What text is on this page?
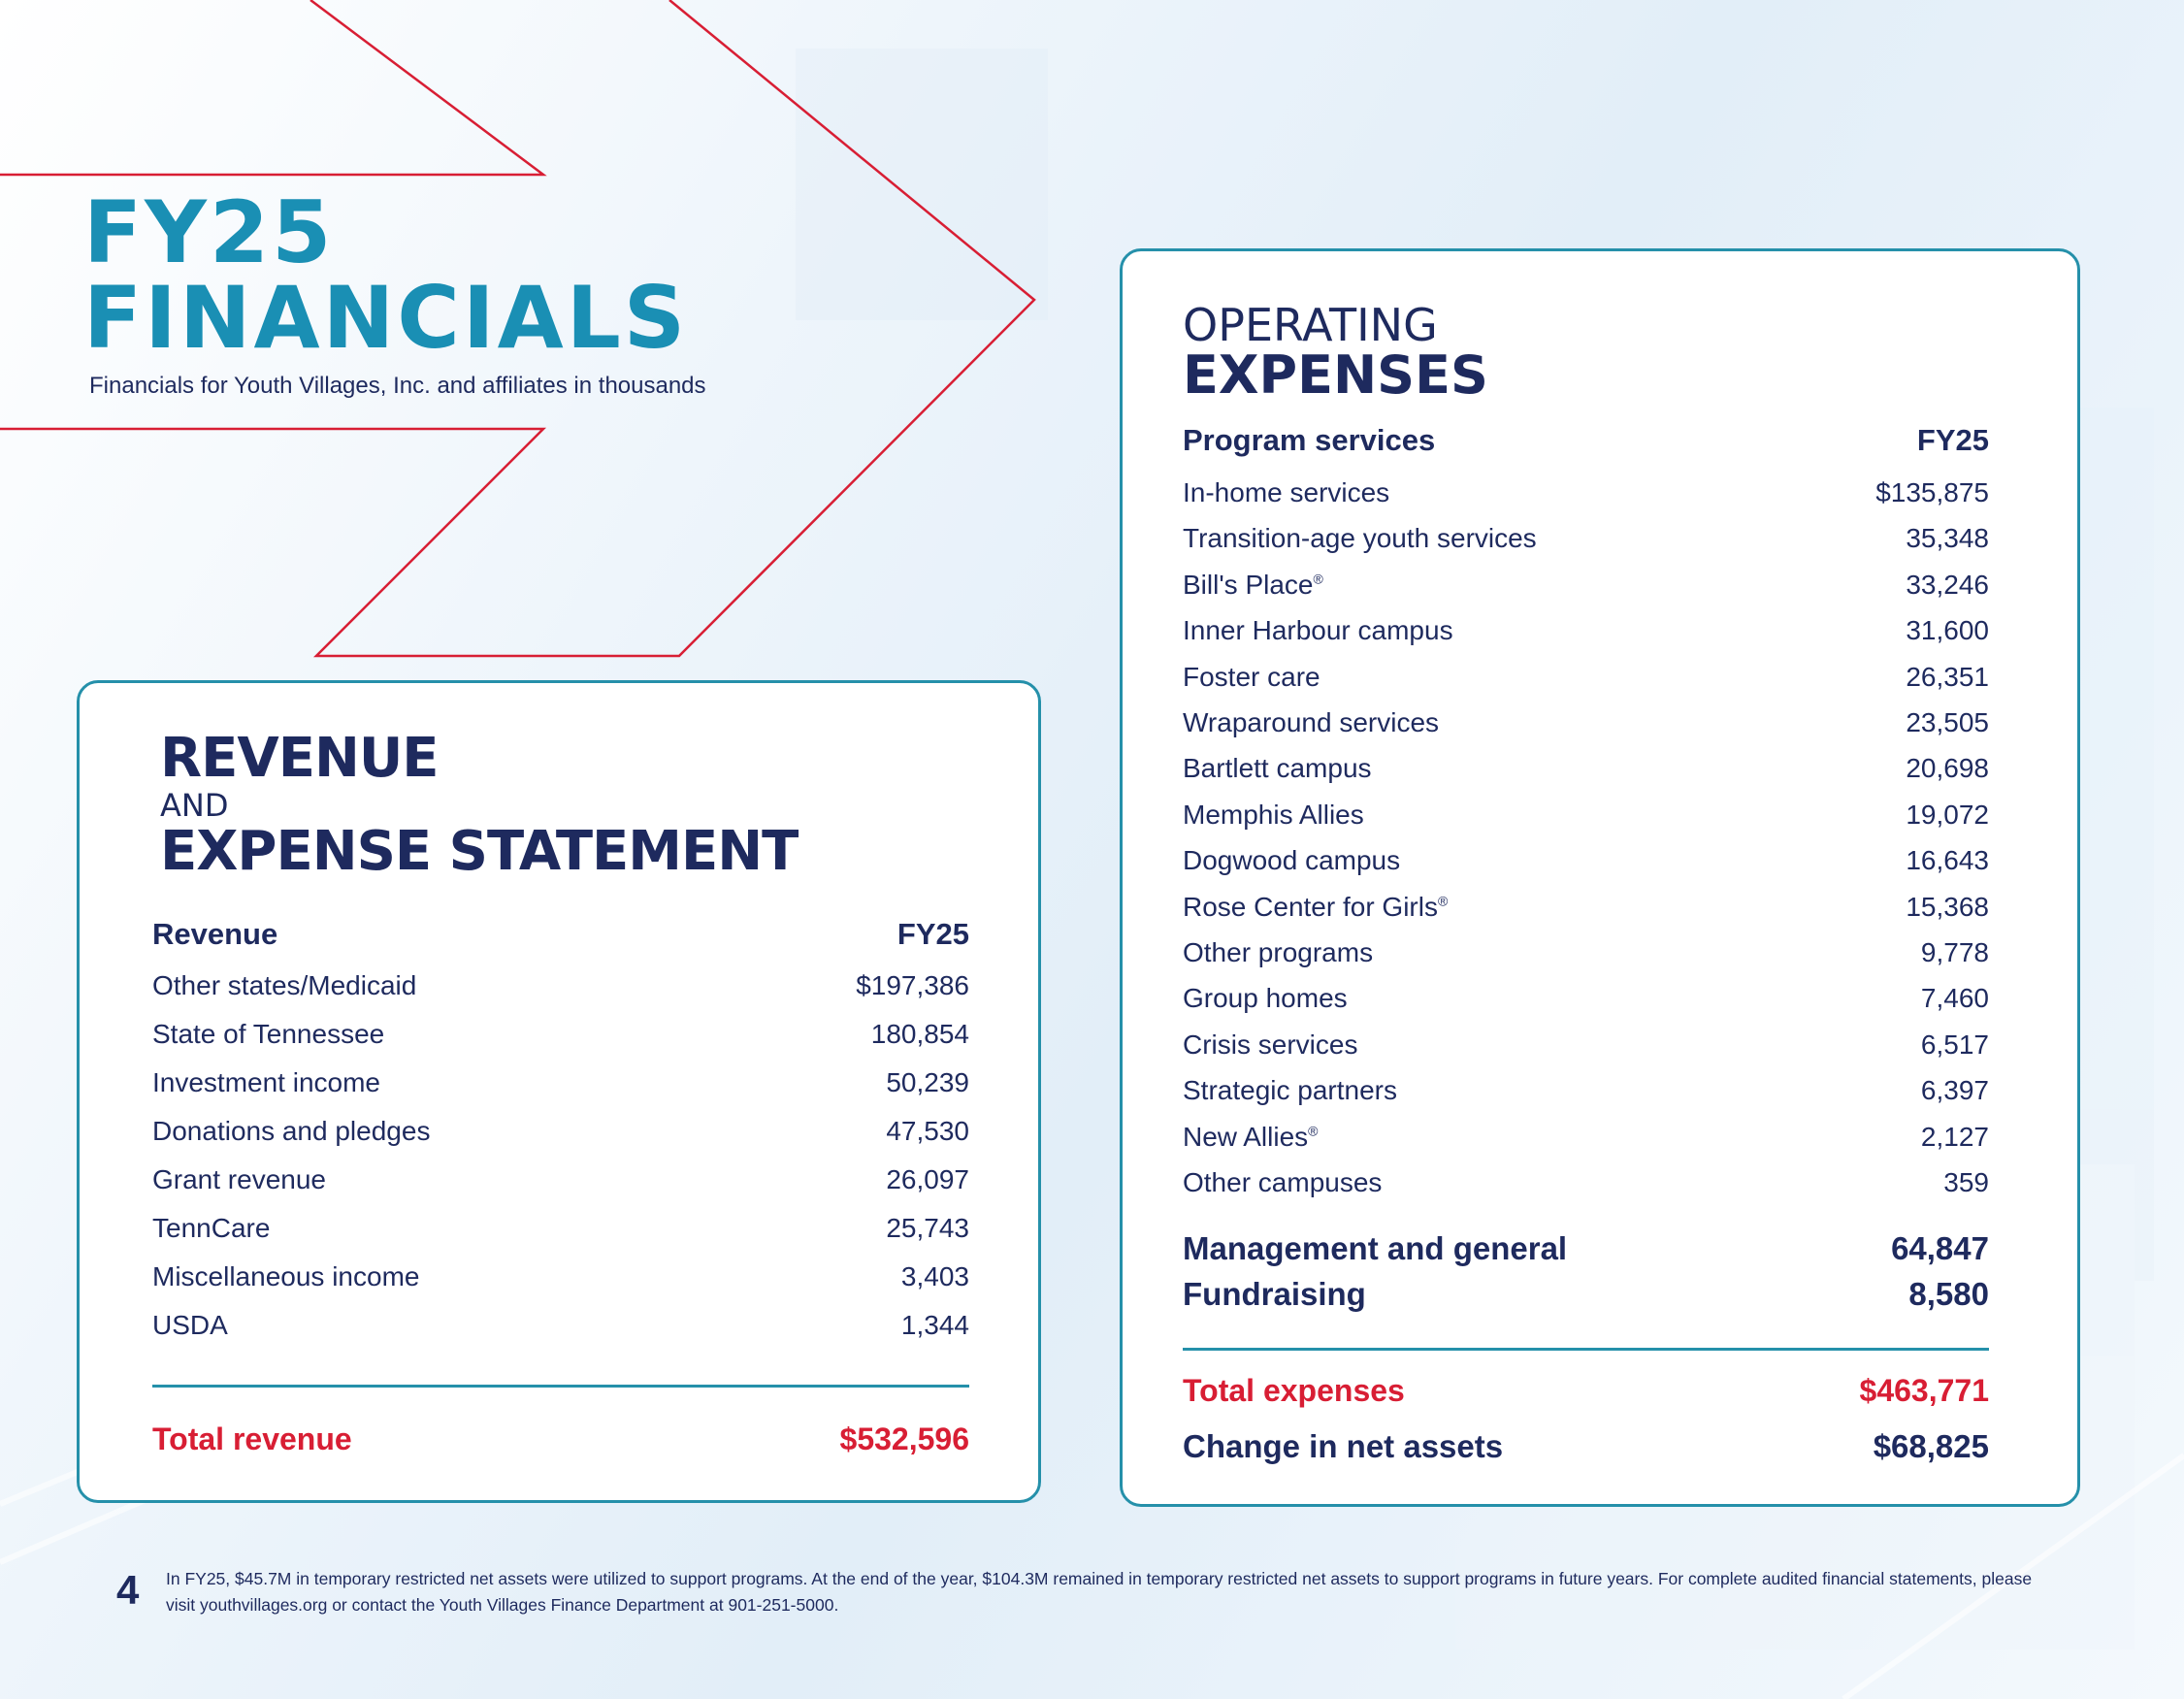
FY25
FINANCIALS
Financials for Youth Villages, Inc. and affiliates in thousands
REVENUE
AND
EXPENSE STATEMENT
Revenue	FY25
Other states/Medicaid	$197,386
State of Tennessee	180,854
Investment income	50,239
Donations and pledges	47,530
Grant revenue	26,097
TennCare	25,743
Miscellaneous income	3,403
USDA	1,344
Total revenue	$532,596
OPERATING
EXPENSES
Program services	FY25
In-home services	$135,875
Transition-age youth services	35,348
Bill's Place®	33,246
Inner Harbour campus	31,600
Foster care	26,351
Wraparound services	23,505
Bartlett campus	20,698
Memphis Allies	19,072
Dogwood campus	16,643
Rose Center for Girls®	15,368
Other programs	9,778
Group homes	7,460
Crisis services	6,517
Strategic partners	6,397
New Allies®	2,127
Other campuses	359
Management and general	64,847
Fundraising	8,580
Total expenses	$463,771
Change in net assets	$68,825
4 In FY25, $45.7M in temporary restricted net assets were utilized to support programs. At the end of the year, $104.3M remained in temporary restricted net assets to support programs in future years. For complete audited financial statements, please visit youthvillages.org or contact the Youth Villages Finance Department at 901-251-5000.
